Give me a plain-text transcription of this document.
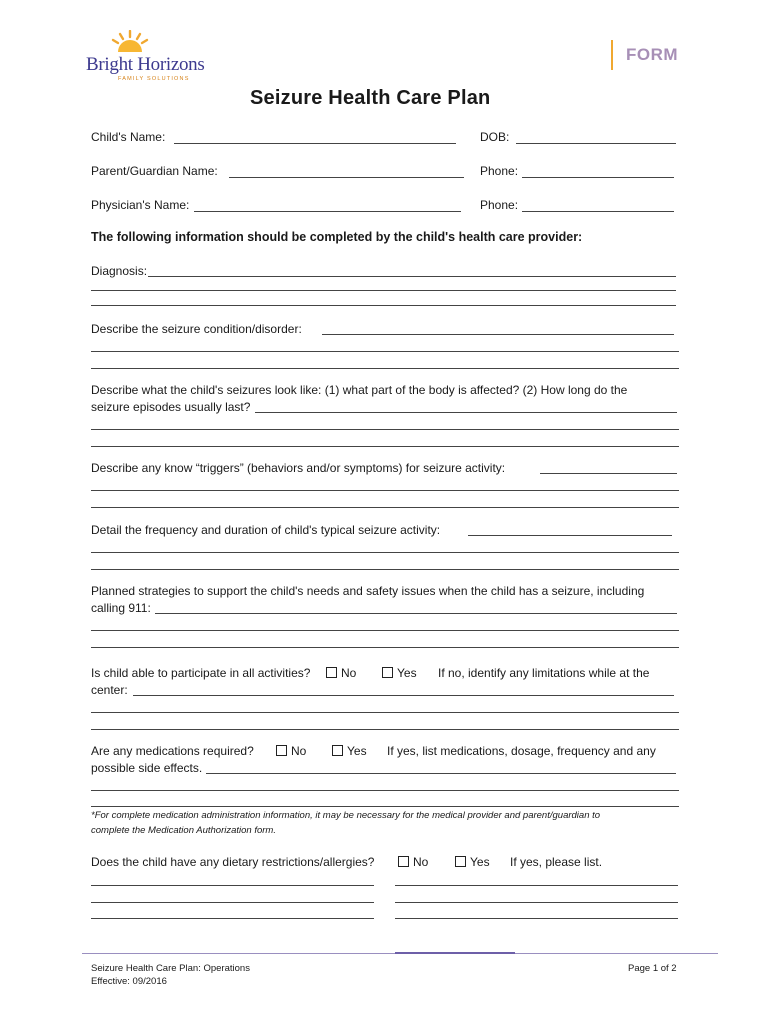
Bright Horizons
FAMILY SOLUTIONS
FORM
Seizure Health Care Plan
Child's Name:	DOB:
Parent/Guardian Name:	Phone:
Physician's Name:	Phone:
The following information should be completed by the child's health care provider:
Diagnosis:
Describe the seizure condition/disorder:
Describe what the child's seizures look like: (1) what part of the body is affected? (2) How long do the
seizure episodes usually last?
Describe any know “triggers” (behaviors and/or symptoms) for seizure activity:
Detail the frequency and duration of child's typical seizure activity:
Planned strategies to support the child's needs and safety issues when the child has a seizure, including
calling 911:
Is child able to participate in all activities?	No	Yes If no, identify any limitations while at the
center:
Are any medications required?	No	Yes If yes, list medications, dosage, frequency and any
possible side effects.
*For complete medication administration information, it may be necessary for the medical provider and parent/guardian to
complete the Medication Authorization form.
Does the child have any dietary restrictions/allergies?	No	Yes If yes, please list.
Seizure Health Care Plan: Operations
Effective: 09/2016
Page 1 of 2
